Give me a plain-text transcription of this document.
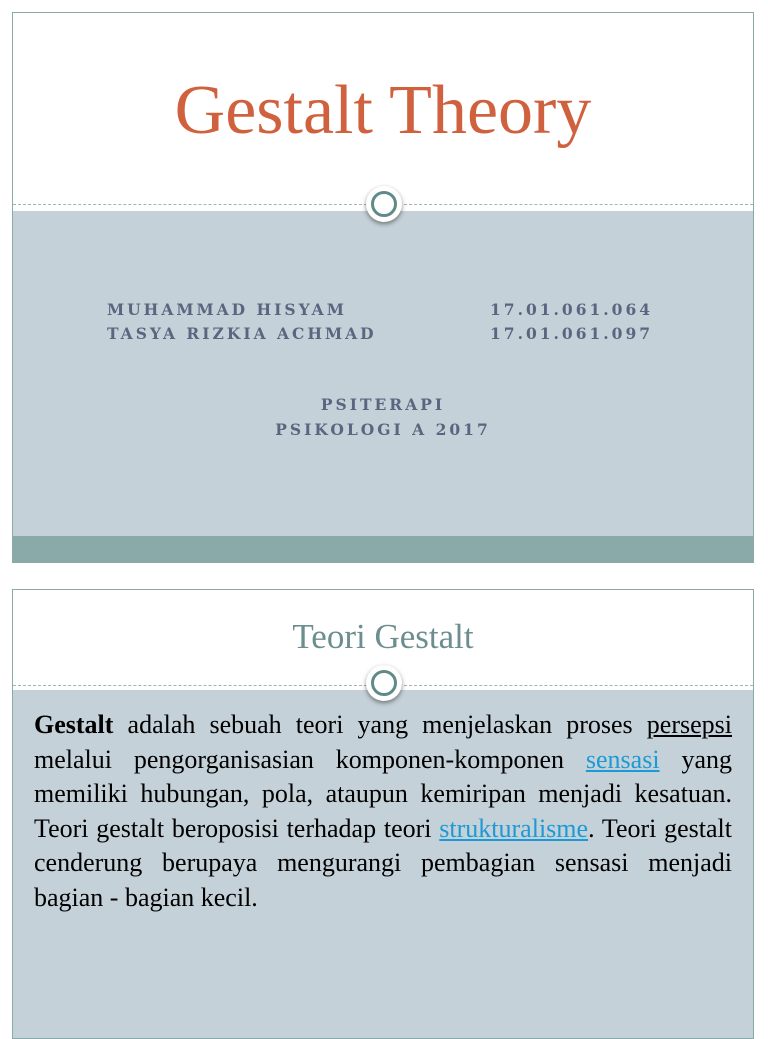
Gestalt Theory
MUHAMMAD HISYAM	17.01.061.064
TASYA RIZKIA ACHMAD	17.01.061.097
PSITERAPI
PSIKOLOGI A 2017
Teori Gestalt

Gestalt adalah sebuah teori yang menjelaskan proses persepsi melalui pengorganisasian komponen-komponen sensasi yang memiliki hubungan, pola, ataupun kemiripan menjadi kesatuan. Teori gestalt beroposisi terhadap teori strukturalisme. Teori gestalt cenderung berupaya mengurangi pembagian sensasi menjadi bagian - bagian kecil.
